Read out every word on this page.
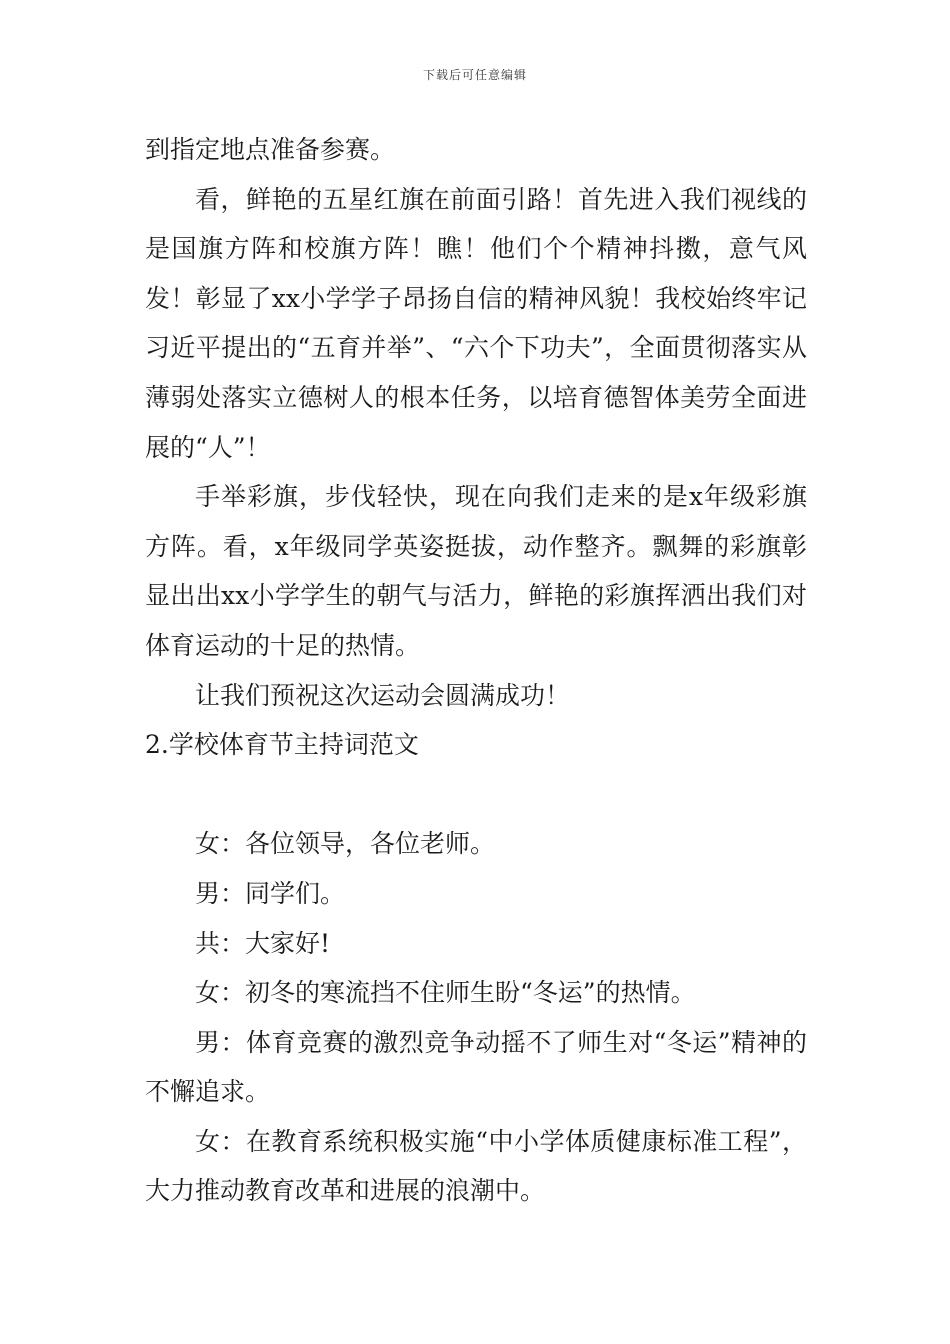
下载后可任意编辑

到指定地点准备参赛。

看，鲜艳的五星红旗在前面引路！首先进入我们视线的是国旗方阵和校旗方阵！瞧！他们个个精神抖擞，意气风发！彰显了xx小学学子昂扬自信的精神风貌！我校始终牢记习近平提出的“五育并举”、“六个下功夫”，全面贯彻落实从薄弱处落实立德树人的根本任务，以培育德智体美劳全面进展的“人”！

手举彩旗，步伐轻快，现在向我们走来的是x年级彩旗方阵。看，x年级同学英姿挺拔，动作整齐。飘舞的彩旗彰显出出xx小学学生的朝气与活力，鲜艳的彩旗挥洒出我们对体育运动的十足的热情。

让我们预祝这次运动会圆满成功！

2.学校体育节主持词范文

女：各位领导，各位老师。

男：同学们。

共：大家好!

女：初冬的寒流挡不住师生盼“冬运”的热情。

男：体育竞赛的激烈竞争动摇不了师生对“冬运”精神的不懈追求。

女：在教育系统积极实施“中小学体质健康标准工程”，大力推动教育改革和进展的浪潮中。
